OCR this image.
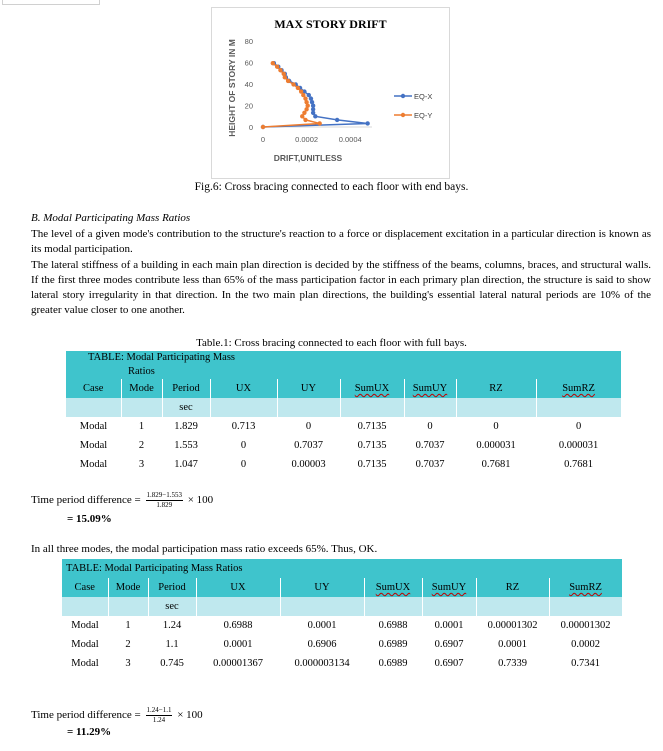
MAX STORY DRIFT
0
20
40
60
80
0	0.0002	0.0004
DRIFT,UNITLESS
HEIGHT OF STORY IN M	EQ-X
EQ-Y
Fig.6: Cross bracing connected to each floor with end bays.
B. Modal Participating Mass Ratios
The level of a given mode's contribution to the structure's reaction to a force or displacement excitation in a particular direction is known as its modal participation.
The lateral stiffness of a building in each main plan direction is decided by the stiffness of the beams, columns, braces, and structural walls. If the first three modes contribute less than 65% of the mass participation factor in each primary plan direction, the structure is said to show lateral story irregularity in that direction. In the two main plan directions, the building's essential lateral natural periods are 10% of the greater value closer to one another.
Table.1: Cross bracing connected to each floor with full bays.
TABLE: Modal Participating Mass
Ratios								
Case	Mode	Period	UX	UY	SumUX	SumUY	RZ	SumRZ
		sec						
Modal	1	1.829	0.713	0	0.7135	0	0	0
Modal	2	1.553	0	0.7037	0.7135	0.7037	0.000031	0.000031
Modal	3	1.047	0	0.00003	0.7135	0.7037	0.7681	0.7681
Time period difference = $\frac{1.829-1.553}{1.829} \times 100$
= 15.09%
In all three modes, the modal participation mass ratio exceeds 65%. Thus, OK.
TABLE: Modal Participating Mass Ratios								
Case	Mode	Period	UX	UY	SumUX	SumUY	RZ	SumRZ
		sec						
Modal	1	1.24	0.6988	0.0001	0.6988	0.0001	0.00001302	0.00001302
Modal	2	1.1	0.0001	0.6906	0.6989	0.6907	0.0001	0.0002
Modal	3	0.745	0.00001367	0.000003134	0.6989	0.6907	0.7339	0.7341
Time period difference = $\frac{1.24-1.1}{1.24} \times 100$
= 11.29%
